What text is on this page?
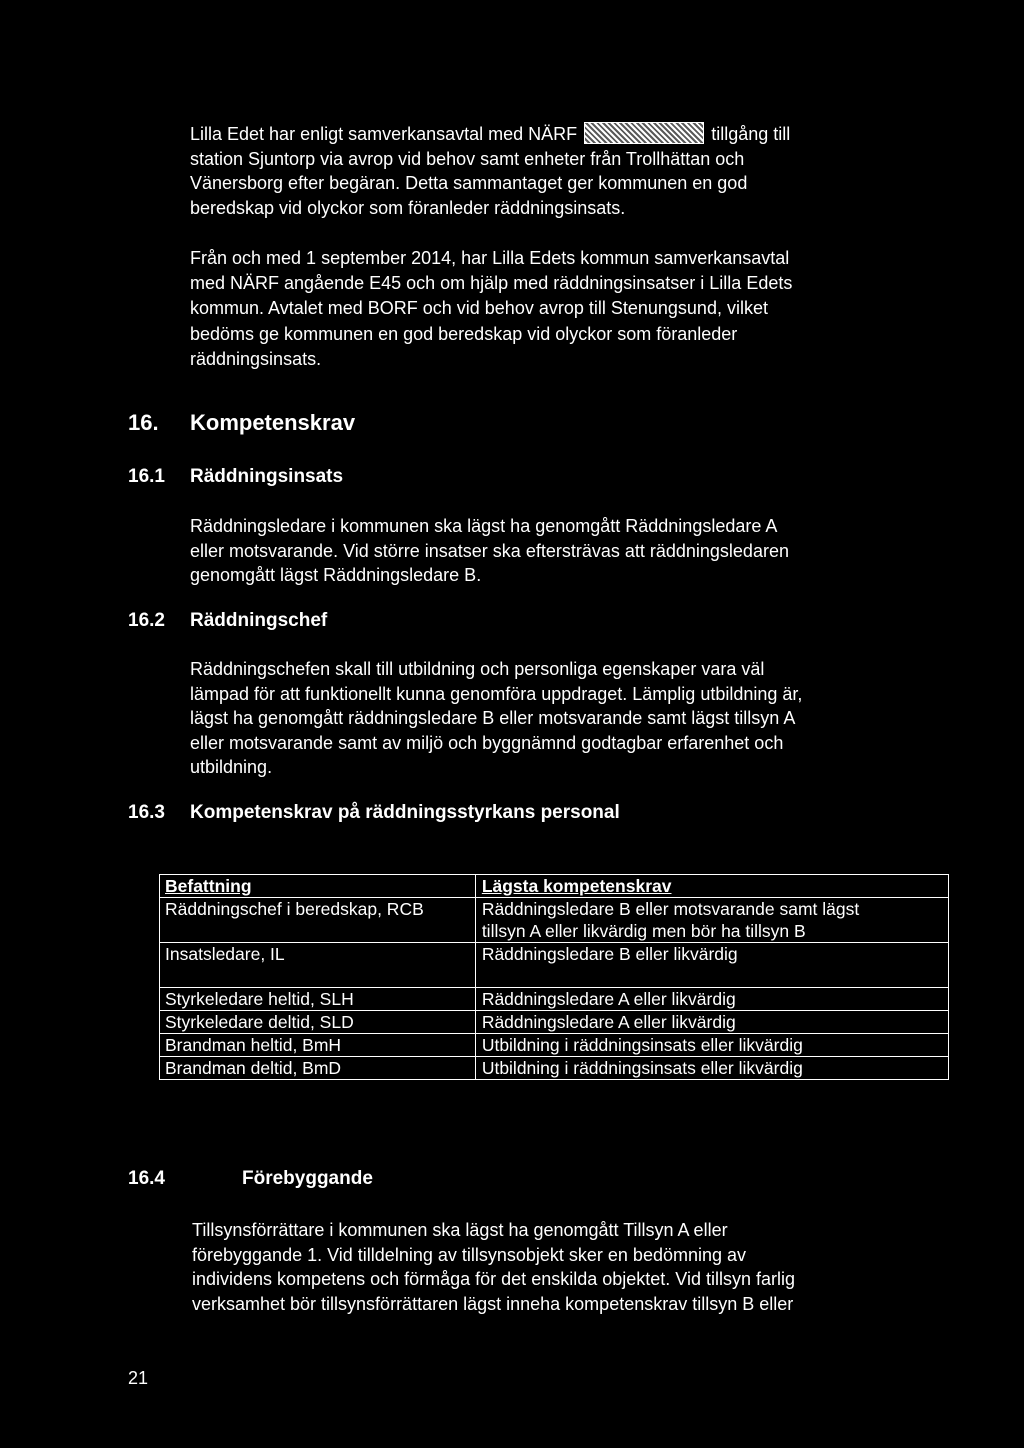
Lilla Edet har enligt samverkansavtal med NÄRF	tillgång till
station Sjuntorp via avrop vid behov samt enheter från Trollhättan och
Vänersborg efter begäran. Detta sammantaget ger kommunen en god
beredskap vid olyckor som föranleder räddningsinsats.
Från och med 1 september 2014, har Lilla Edets kommun samverkansavtal
med NÄRF angående E45 och om hjälp med räddningsinsatser i Lilla Edets
kommun. Avtalet med BORF och vid behov avrop till Stenungsund, vilket
bedöms ge kommunen en god beredskap vid olyckor som föranleder
räddningsinsats.
16. Kompetenskrav
16.1 Räddningsinsats
Räddningsledare i kommunen ska lägst ha genomgått Räddningsledare A
eller motsvarande. Vid större insatser ska eftersträvas att räddningsledaren
genomgått lägst Räddningsledare B.
16.2 Räddningschef
Räddningschefen skall till utbildning och personliga egenskaper vara väl
lämpad för att funktionellt kunna genomföra uppdraget. Lämplig utbildning är,
lägst ha genomgått räddningsledare B eller motsvarande samt lägst tillsyn A
eller motsvarande samt av miljö och byggnämnd godtagbar erfarenhet och
utbildning.
16.3 Kompetenskrav på räddningsstyrkans personal
Befattning	Lägsta kompetenskrav
Räddningschef i beredskap, RCB	Räddningsledare B eller motsvarande samt lägst
tillsyn A eller likvärdig men bör ha tillsyn B

Insatsledare, IL	Räddningsledare B eller likvärdig
Styrkeledare heltid, SLH	Räddningsledare A eller likvärdig
Styrkeledare deltid, SLD	Räddningsledare A eller likvärdig
Brandman heltid, BmH	Utbildning i räddningsinsats eller likvärdig
Brandman deltid, BmD	Utbildning i räddningsinsats eller likvärdig
16.4	Förebyggande
Tillsynsförrättare i kommunen ska lägst ha genomgått Tillsyn A eller
förebyggande 1. Vid tilldelning av tillsynsobjekt sker en bedömning av
individens kompetens och förmåga för det enskilda objektet. Vid tillsyn farlig
verksamhet bör tillsynsförrättaren lägst inneha kompetenskrav tillsyn B eller
21
